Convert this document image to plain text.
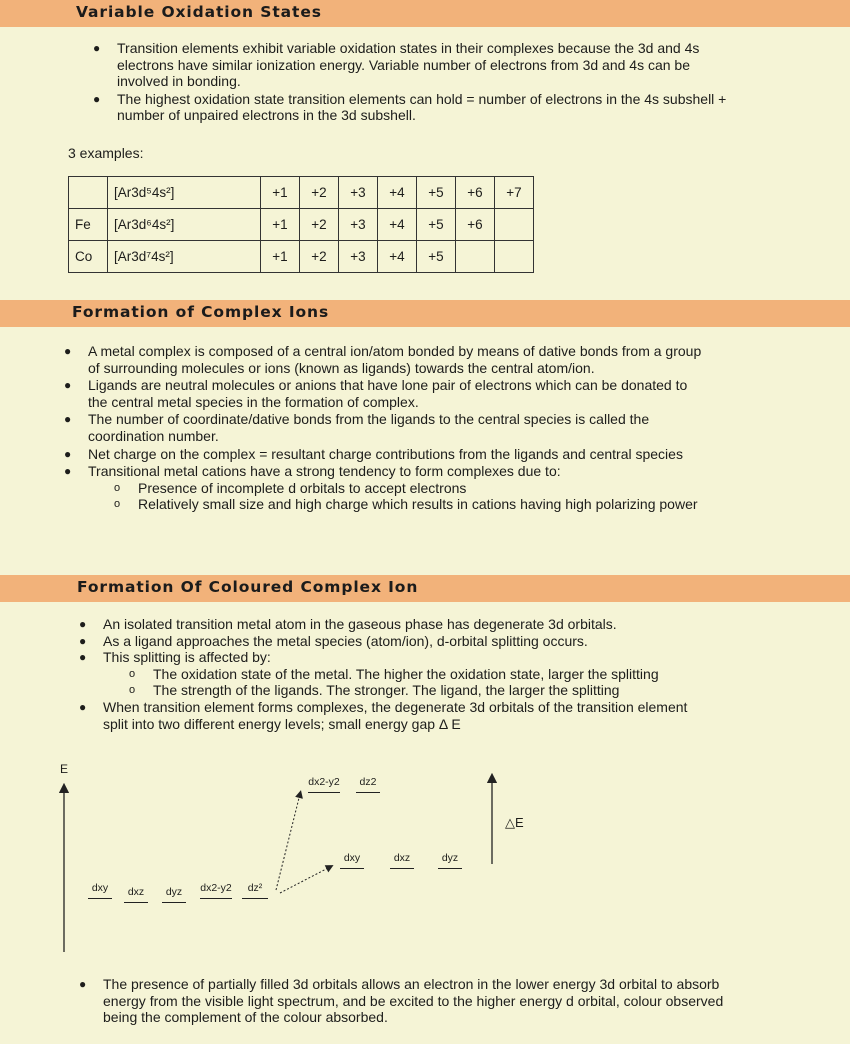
Variable Oxidation States
● Transition elements exhibit variable oxidation states in their complexes because the 3d and 4s electrons have similar ionization energy. Variable number of electrons from 3d and 4s can be involved in bonding.
● The highest oxidation state transition elements can hold = number of electrons in the 4s subshell + number of unpaired electrons in the 3d subshell.
3 examples:
	[Ar3d⁵4s²]	+1	+2	+3	+4	+5	+6	+7
Fe	[Ar3d⁶4s²]	+1	+2	+3	+4	+5	+6	
Co	[Ar3d⁷4s²]	+1	+2	+3	+4	+5		
Formation of Complex Ions
● A metal complex is composed of a central ion/atom bonded by means of dative bonds from a group of surrounding molecules or ions (known as ligands) towards the central atom/ion.
● Ligands are neutral molecules or anions that have lone pair of electrons which can be donated to the central metal species in the formation of complex.
● The number of coordinate/dative bonds from the ligands to the central species is called the coordination number.
● Net charge on the complex = resultant charge contributions from the ligands and central species
● Transitional metal cations have a strong tendency to form complexes due to:
o Presence of incomplete d orbitals to accept electrons
o Relatively small size and high charge which results in cations having high polarizing power
Formation Of Coloured Complex Ion
● An isolated transition metal atom in the gaseous phase has degenerate 3d orbitals.
● As a ligand approaches the metal species (atom/ion), d-orbital splitting occurs.
● This splitting is affected by:
o The oxidation state of the metal. The higher the oxidation state, larger the splitting
o The strength of the ligands. The stronger. The ligand, the larger the splitting
● When transition element forms complexes, the degenerate 3d orbitals of the transition element split into two different energy levels; small energy gap Δ E
E
△E
dxy	dxz	dyz	dx2-y2	dz²
dx2-y2	dz2
dxy	dxz	dyz
● The presence of partially filled 3d orbitals allows an electron in the lower energy 3d orbital to absorb energy from the visible light spectrum, and be excited to the higher energy d orbital, colour observed being the complement of the colour absorbed.
